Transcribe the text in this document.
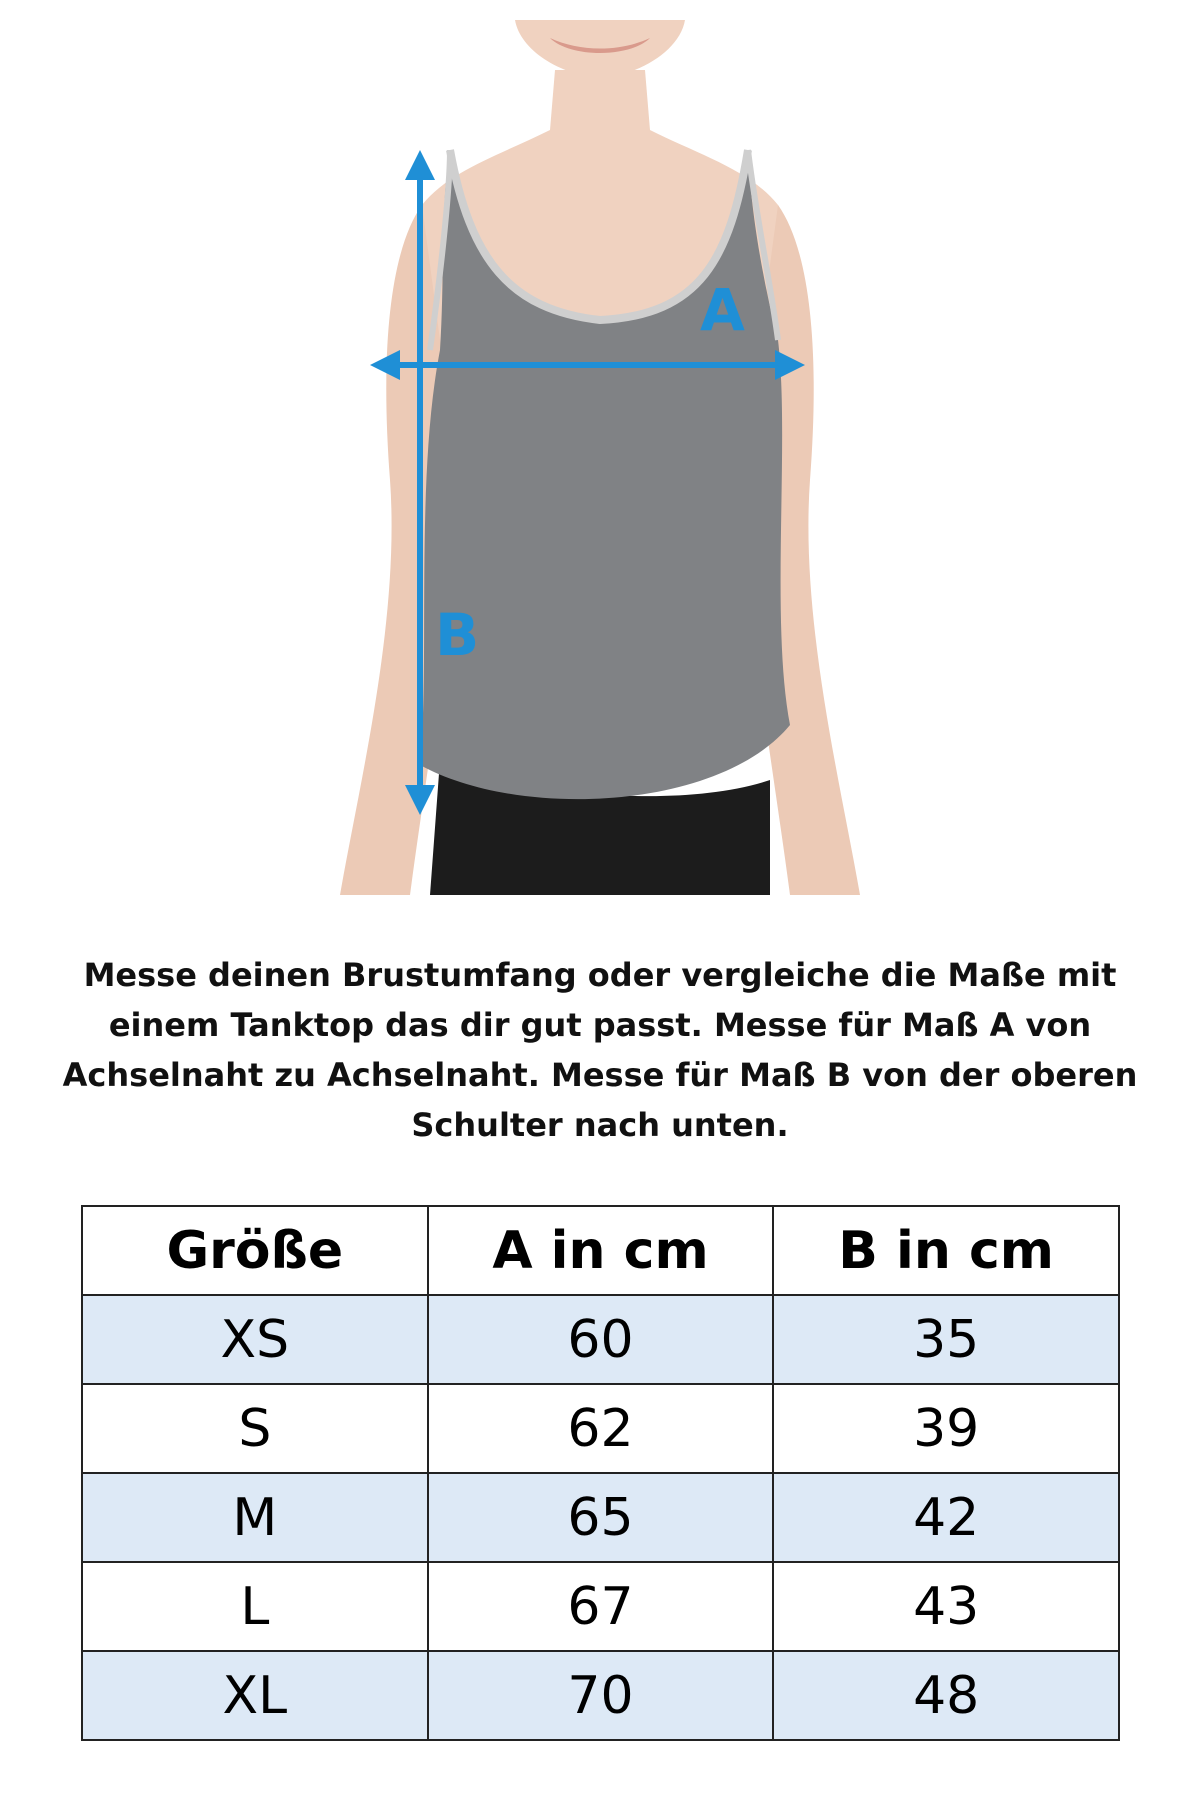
A
B
Messe deinen Brustumfang oder vergleiche die Maße mit einem Tanktop das dir gut passt. Messe für Maß A von Achselnaht zu Achselnaht. Messe für Maß B von der oberen Schulter nach unten.
Größe	A in cm	B in cm
XS	60	35
S	62	39
M	65	42
L	67	43
XL	70	48
